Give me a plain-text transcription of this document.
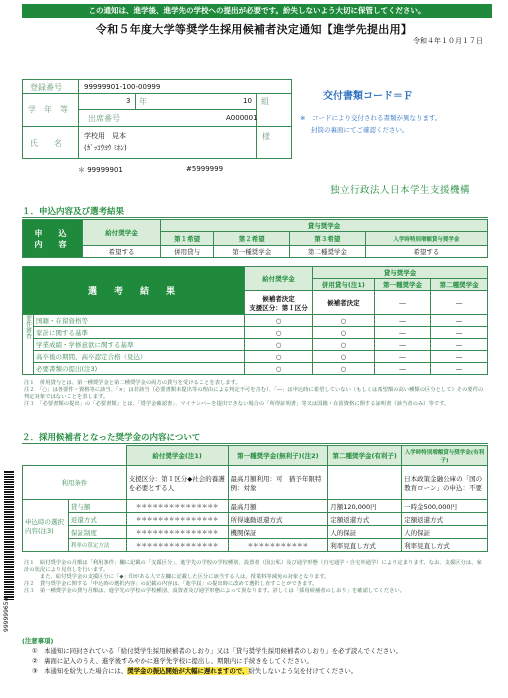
この通知は、進学後、進学先の学校への提出が必要です。紛失しないよう大切に保管してください。
令和５年度大学等奨学生採用候補者決定通知【進学先提出用】
令和４年１０月１７日
登録番号	99999901-100-00999
学　年　等
3 年	10 組
出席番号	A000001
氏　　名
学校用　見本
(ｶﾞｯｺｳﾖｳ ﾐﾎﾝ)
様
＊ 99999901	#5999999
交付書類コード＝Ｆ
※　コードにより交付される書類が異なります。
封筒の裏面にてご確認ください。
独立行政法人日本学生支援機構
１．申込内容及び選考結果
申　込　内　容	給付奨学金	貸与奨学金			
		第１希望	第２希望	第３希望	入学時特別増額貸与奨学金
	希望する	併用貸与	第一種奨学金	第二種奨学金	希望する
選　考　結　果		給付奨学金	貸与奨学金		
			併用貸与(注1)	第一種奨学金	第二種奨学金

		候補者決定
支援区分：第Ｉ区分	候補者決定	―	―
要件審査	国籍・在留資格等	○	○	―	―
	家計に関する基準	○	○	―	―
	学業成績・学修意欲に関する基準	○	○	―	―
	高卒後の期間、高卒認定合格（見込）	○	○	―	―
	必要書類の提出(注3)	○	○	―	―
注１　併用貸与とは、第一種奨学金と第二種奨学金の両方の貸与を受けることを表します。
注２　「○」は各要件・資格等に該当、「×」は非該当（必要書類未提出等の理由による判定不可を含む）、「―」は申込時に希望していない（もしくは希望額の高い種類の区分として）その要件の判定対象ではないことを表します。
注３　「必要書類の提出」の「必要書類」とは、「奨学金確認書」、マイナンバーを提出できない場合の「所得証明書」等又は国籍・在留資格に関する証明書（該当者のみ）等です。
２．採用候補者となった奨学金の内容について
		給付奨学金(注1)	第一種奨学金(無利子)(注2)	第二種奨学金(有利子)	入学時特別増額貸与奨学金(有利子)
利用条件		支援区分：第Ｉ区分◆社会的養護を必要とする人	最高月額利用：可　猶予年限特例：対象		日本政策金融公庫の「国の教育ローン」の申込：不要
申込時の選択内容(注3)	貸与額	＊＊＊＊＊＊＊＊＊＊＊＊＊＊＊	最高月額	月額120,000円	一時金500,000円
	返還方式	＊＊＊＊＊＊＊＊＊＊＊＊＊＊＊	所得連動返還方式	定額返還方式	定額返還方式
	保証制度	＊＊＊＊＊＊＊＊＊＊＊＊＊＊＊	機関保証	人的保証	人的保証
	利率の算定方法	＊＊＊＊＊＊＊＊＊＊＊＊＊＊＊	＊＊＊＊＊＊＊＊＊＊＊	利率見直し方式	利率見直し方式
注１　給付奨学金の月額は「利用条件」欄に記載の「支援区分」、進学先の学校の学校種別、設置者（国公私）及び通学形態（自宅通学・自宅外通学）により定まります。なお、支援区分は、家計の状況により見直しを行います。
　　　また、給付奨学金の支援区分に「◆」印がある人で左欄に記載した区分に該当する人は、授業料等減免の対象となります。
注２　貸与奨学金に関する「申込時の選択内容」の記載の内容は、「進学届」の提出時に改めて選択し直すことができます。
注３　第一種奨学金の貸与月額は、進学先の学校の学校種別、設置者及び通学形態によって異なります。詳しくは「採用候補者のしおり」を確認してください。
(注意事項)
①　本通知に同封されている「給付奨学生採用候補者のしおり」又は「貸与奨学生採用候補者のしおり」を必ず読んでください。
②　裏面に記入のうえ、進学後すみやかに進学先学校に提出し、期限内に手続きをしてください。
③　本通知を紛失した場合には、奨学金の振込開始が大幅に遅れますので、紛失しないよう気を付けてください。
99999965#
